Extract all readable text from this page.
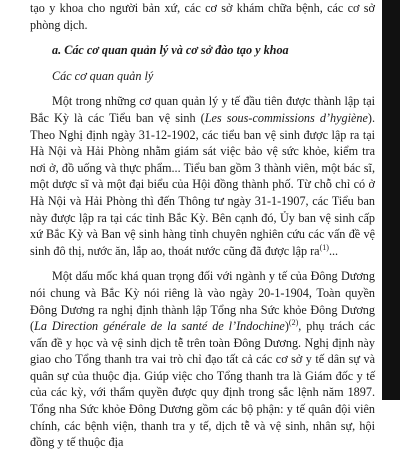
tạo y khoa cho người bản xứ, các cơ sở khám chữa bệnh, các cơ sở phòng dịch.

a. Các cơ quan quản lý và cơ sở đào tạo y khoa

Các cơ quan quản lý

Một trong những cơ quan quản lý y tế đầu tiên được thành lập tại Bắc Kỳ là các Tiểu ban vệ sinh (Les sous-commissions d’hygiène). Theo Nghị định ngày 31-12-1902, các tiểu ban vệ sinh được lập ra tại Hà Nội và Hải Phòng nhằm giám sát việc bảo vệ sức khỏe, kiểm tra nơi ở, đồ uống và thực phẩm... Tiểu ban gồm 3 thành viên, một bác sĩ, một dược sĩ và một đại biểu của Hội đồng thành phố. Từ chỗ chỉ có ở Hà Nội và Hải Phòng thì đến Thông tư ngày 31-1-1907, các Tiểu ban này được lập ra tại các tỉnh Bắc Kỳ. Bên cạnh đó, Ủy ban vệ sinh cấp xứ Bắc Kỳ và Ban vệ sinh hàng tỉnh chuyên nghiên cứu các vấn đề vệ sinh đô thị, nước ăn, lắp ao, thoát nước cũng đã được lập $ra^{(1)}$...

Một dấu mốc khá quan trọng đối với ngành y tế của Đông Dương nói chung và Bắc Kỳ nói riêng là vào ngày 20-1-1904, Toàn quyền Đông Dương ra nghị định thành lập Tổng nha Sức khỏe Đông Dương (La Direction générale de la santé de l’Indochine)$^{(2)}$, phụ trách các vấn đề y học và vệ sinh dịch tễ trên toàn Đông Dương. Nghị định này giao cho Tổng thanh tra vai trò chỉ đạo tất cả các cơ sở y tế dân sự và quân sự của thuộc địa. Giúp việc cho Tổng thanh tra là Giám đốc y tế của các kỳ, với thẩm quyền được quy định trong sắc lệnh năm 1897. Tổng nha Sức khỏe Đông Dương gồm các bộ phận: y tế quân đội viên chính, các bệnh viện, thanh tra y tế, dịch tễ và vệ sinh, nhân sự, hội đồng y tế thuộc địa
